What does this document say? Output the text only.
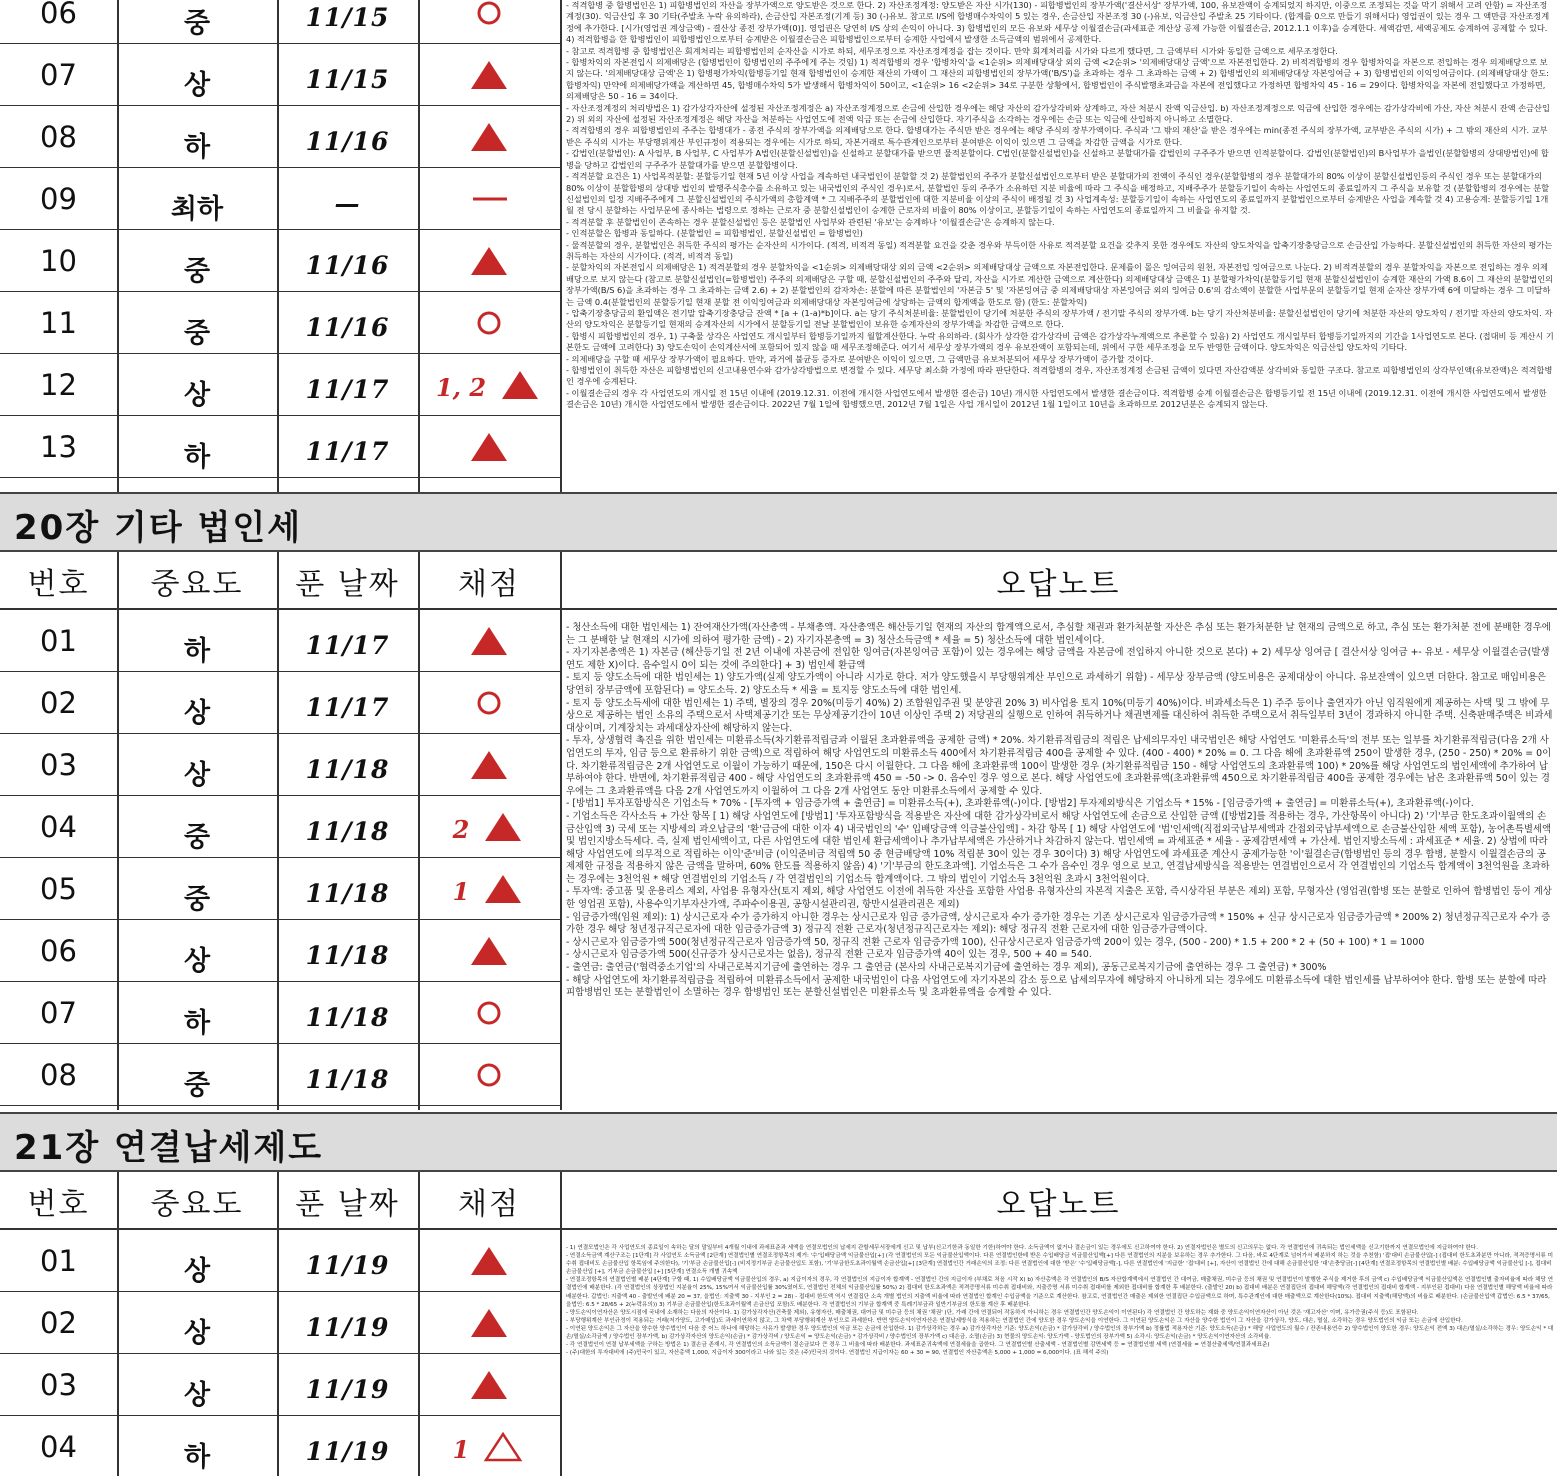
06	중	11/15
07	상	11/15
08	하	11/16
09	최하	—
10	중	11/16
11	중	11/16
12	상	11/17	1, 2
13	하	11/17

- 적격합병 중 합병법인은 1) 피합병법인의 자산을 장부가액으로 양도받은 것으로 한다. 2) 자산조정계정: 양도받은 자산 시가(130) - 피합병법인의 장부가액('결산서상' 장부가액, 100, 유보잔액이 승계되었지 하지만, 이중으로 조정되는 것을 막기 위해서 고려 안함) = 자산조정계정(30). 익금산입 후 30 기타(주발초 누락 유의하라), 손금산입 자본조정(기계 등) 30 (-)유보. 참고로 I/S에 합병매수차익이 5 있는 경우, 손금산입 자본조정 30 (-)유보, 익금산입 주발초 25 기타이다. (합계를 0으로 만들기 위해서다) 영업권이 있는 경우 그 액만큼 자산조정계정에 추가한다. [시가(영업권 계상금액) - 결산상 종전 장부가액(0)]. 영업권은 당연히 I/S 상의 손익이 아니다. 3) 합병법인의 모든 유보와 세무상 이월결손금(과세표준 계산상 공제 가능한 이월결손금, 2012.1.1 이후)을 승계한다. 세액감면, 세액공제도 승계하여 공제할 수 있다. 4) 적격합병을 한 합병법인이 피합병법인으로부터 승계받은 이월결손금은 피합병법인으로부터 승계한 사업에서 발생한 소득금액의 범위에서 공제한다.

- 참고로 적격합병 중 합병법인은 회계처리는 피합병법인의 순자산을 시가로 하되, 세무조정으로 자산조정계정을 잡는 것이다. 만약 회계처리를 시가와 다르게 했다면, 그 금액부터 시가와 동일한 금액으로 세무조정한다.

- 합병차익의 자본전입시 의제배당은 (합병법인이 합병법인의 주주에게 주는 것임) 1) 적격합병의 경우 '합병차익'을 <1순위> 의제배당대상 외의 금액 <2순위> '의제배당대상 금액'으로 자본전입한다. 2) 비적격합병의 경우 합병차익을 자본으로 전입하는 경우 의제배당으로 보지 않는다. '의제배당대상 금액'은 1) 합병평가차익(합병등기일 현재 합병법인이 승계한 재산의 가액이 그 재산의 피합병법인의 장부가액('B/S')을 초과하는 경우 그 초과하는 금액 + 2) 합병법인의 의제배당대상 자본잉여금 + 3) 합병법인의 이익잉여금이다. (의제배당대상 한도: 합병차익) 만약에 의제배당가액을 계산하면 45, 합병매수차익 5가 발생해서 합병차익이 50이고, <1순위> 16 <2순위> 34로 구분한 상황에서, 합병법인이 주식발행초과금을 자본에 전입했다고 가정하면 합병차익 45 - 16 = 29이다. 합병차익을 자본에 전입했다고 가정하면, 의제배당은 50 - 16 = 34이다.

- 자산조정계정의 처리방법은 1) 감가상각자산에 설정된 자산조정계정은 a) 자산조정계정으로 손금에 산입한 경우에는 해당 자산의 감가상각비와 상계하고, 자산 처분시 잔액 익금산입. b) 자산조정계정으로 익금에 산입한 경우에는 감가상각비에 가산, 자산 처분시 잔액 손금산입 2) 위 외의 자산에 설정된 자산조정계정은 해당 자산을 처분하는 사업연도에 전액 익금 또는 손금에 산입한다. 자기주식을 소각하는 경우에는 손금 또는 익금에 산입하지 아니하고 소멸한다.

- 적격합병의 경우 피합병법인의 주주는 합병대가 - 종전 주식의 장부가액을 의제배당으로 한다. 합병대가는 주식만 받은 경우에는 해당 주식의 장부가액이다. 주식과 '그 밖의 재산'을 받은 경우에는 min(종전 주식의 장부가액, 교부받은 주식의 시가) + 그 밖의 재산의 시가. 교부받은 주식의 시가는 부당행위계산 부인규정이 적용되는 경우에는 시가로 하되, 자본거래로 특수관계인으로부터 분여받은 이익이 있으면 그 금액을 차감한 금액을 시가로 한다.

- 갑법인(분할법인): A 사업부, B 사업부, C 사업부가 A법인(분할신설법인)을 신설하고 분할대가를 받으면 물적분할이다. C법인(분할신설법인)을 신설하고 분할대가를 갑법인의 구주주가 받으면 인적분할이다. 갑법인(분할법인)의 B사업부가 을법인(분할합병의 상대방법인)에 합병을 당하고 갑법인의 구주주가 분할대가를 받으면 분할합병이다.

- 적격분할 요건은 1) 사업목적분할: 분할등기일 현재 5년 이상 사업을 계속하던 내국법인이 분할할 것 2) 분할법인의 주주가 분할신설법인으로부터 받은 분할대가의 전액이 주식인 경우(분할합병의 경우 분할대가의 80% 이상이 분할신설법인등의 주식인 경우 또는 분할대가의 80% 이상이 분할합병의 상대방 법인의 발행주식총수를 소유하고 있는 내국법인의 주식인 경우)로서, 분할법인 등의 주주가 소유하던 지분 비율에 따라 그 주식을 배정하고, 지배주주가 분할등기일이 속하는 사업연도의 종료일까지 그 주식을 보유할 것 (분할합병의 경우에는 분할신설법인의 일정 지배주주에게 그 분할신설법인의 주식가액의 총합계액 * 그 지배주주의 분할법인에 대한 지분비율 이상의 주식이 배정될 것 3) 사업계속성: 분할등기일이 속하는 사업연도의 종료일까지 분할법인으로부터 승계받은 사업을 계속할 것 4) 고용승계: 분할등기일 1개월 전 당시 분할하는 사업부문에 종사하는 법령으로 정하는 근로자 중 분할신설법인이 승계한 근로자의 비율이 80% 이상이고, 분할등기일이 속하는 사업연도의 종료일까지 그 비율을 유지할 것.

- 적격분할 후 분할법인이 존속하는 경우 분할신설법인 등은 분할법인 사업부와 관련된 '유보'는 승계하나 '이월결손금'은 승계하지 않는다.

- 인적분할은 합병과 동일하다. (분할법인 = 피합병법인, 분할신설법인 = 합병법인)

- 물적분할의 경우, 분할법인은 취득한 주식의 평가는 순자산의 시가이다. (적격, 비적격 동일) 적격분할 요건을 갖춘 경우와 부득이한 사유로 적격분할 요건을 갖추지 못한 경우에도 자산의 양도차익을 압축기장충당금으로 손금산입 가능하다. 분할신설법인의 취득한 자산의 평가는 취득하는 자산의 시가이다. (적격, 비적격 동일)

- 분할차익의 자본전입시 의제배당은 1) 적격분할의 경우 분할차익을 <1순위> 의제배당대상 외의 금액 <2순위> 의제배당대상 금액으로 자본전입한다. 문제를이 몰은 잉여금의 원천, 자본전입 잉여금으로 나눈다. 2) 비적격분할의 경우 분할차익을 자본으로 전입하는 경우 의제배당으로 보지 않는다 (참고로 분할신설법인(=합병법인) 주주의 의제배당은 구할 때, 분할신설법인의 주주와 달리, 자산을 시가로 계산한 금액으로 계산한다) 의제배당대상 금액은 1) 분할평가차익(분할등기일 현재 분할신설법인이 승계한 재산의 가액 8.6이 그 재산의 분할법인의 장부가액(B/S 6)을 초과하는 경우 그 초과하는 금액 2.6) + 2) 분할법인의 감자차손: 분할에 따른 분할법인의 '자본금 5' 및 '자본잉여금 중 의제배당대상 자본잉여금 외의 잉여금 0.6'의 감소액이 분할한 사업부문의 분할등기일 현재 순자산 장부가액 6에 미달하는 경우 그 미달하는 금액 0.4(분할법인의 분할등기일 현재 분할 전 이익잉여금과 의제배당대상 자본잉여금에 상당하는 금액의 합계액을 한도로 함) (한도: 분할차익)

- 압축기장충당금의 환입액은 전기말 압축기장충당금 잔액 * [a + (1-a)*b]이다. a는 당기 주식처분비율: 분할법인이 당기에 처분한 주식의 장부가액 / 전기말 주식의 장부가액. b는 당기 자산처분비율: 분할신설법인이 당기에 처분한 자산의 양도차익 / 전기말 자산의 양도차익. 자산의 양도차익은 분할등기일 현재의 승계자산의 시가에서 분할등기일 전날 분할법인이 보유한 승계자산의 장부가액을 차감한 금액으로 한다.

- 합병시 피합병법인의 경우, 1) 구축물 상각은 사업연도 개시일부터 합병등기일까지 월할계산한다. 누락 유의하라. (회사가 상각한 감가상각비 금액은 감가상각누계액으로 추론할 수 있음) 2) 사업연도 개시일부터 합병등기일까지의 기간을 1사업연도로 본다. (접대비 등 계산시 기본한도 금액에 고려한다) 3) 양도손익이 손익계산서에 포함되어 있지 않을 때 세무조정해준다. 여기서 세무상 장부가액의 경우 유보잔액이 포함되는데, 위에서 구한 세무조정을 모두 반영한 금액이다. 양도차익은 익금산입 양도차익 기타다.

- 의제배당을 구할 때 세무상 장부가액이 필요하다. 만약, 과거에 불균등 증자로 분여받은 이익이 있으면, 그 금액만큼 유보처분되어 세무상 장부가액이 증가할 것이다.

- 합병법인이 취득한 자산은 피합병법인의 신고내용연수와 감가상각방법으로 변경할 수 있다. 세무당 최소화 가정에 따라 판단한다. 적격합병의 경우, 자산조정계정 손금된 금액이 있다면 자산감액분 상각비와 동일한 구조다. 참고로 피합병법인의 상각부인액(유보잔액)은 적격합병인 경우에 승계된다.

- 이월결손금의 경우 각 사업연도의 개시일 전 15년 이내에 (2019.12.31. 이전에 개시한 사업연도에서 발생한 결손금) 10년) 개시한 사업연도에서 발생한 결손금이다. 적격합병 승계 이월결손금은 합병등기일 전 15년 이내에 (2019.12.31. 이전에 개시한 사업연도에서 발생한 결손금은 10년) 개시한 사업연도에서 발생한 결손금이다. 2022년 7월 1일에 합병했으면, 2012년 7월 1일은 사업 개시일이 2012년 1월 1일이고 10년을 초과하므로 2012년분은 승계되지 않는다.

20장 기타 법인세
번호	중요도	푼 날짜	채점	오답노트
01	하	11/17
02	상	11/17
03	상	11/18
04	중	11/18	2
05	중	11/18	1
06	상	11/18
07	하	11/18
08	중	11/18

- 청산소득에 대한 법인세는 1) 잔여재산가액(자산총액 - 부채총액. 자산총액은 해산등기일 현재의 자산의 합계액으로서, 추심할 채권과 환가처분할 자산은 추심 또는 환가처분한 날 현재의 금액으로 하고, 추심 또는 환가처분 전에 분배한 경우에는 그 분배한 날 현재의 시가에 의하여 평가한 금액) - 2) 자기자본총액 = 3) 청산소득금액 * 세율 = 5) 청산소득에 대한 법인세이다.

- 자기자본총액은 1) 자본금 (해산등기일 전 2년 이내에 자본금에 전입한 잉여금(자본잉여금 포함)이 있는 경우에는 해당 금액을 자본금에 전입하지 아니한 것으로 본다) + 2) 세무상 잉여금 [ 결산서상 잉여금 +- 유보 - 세무상 이월결손금(발생연도 제한 X)이다. 음수일시 0이 되는 것에 주의한다] + 3) 법인세 환급액

- 토지 등 양도소득에 대한 법인세는 1) 양도가액(실제 양도가액이 아니라 시가로 한다. 저가 양도했을시 부당행위계산 부인으로 과세하기 위함) - 세무상 장부금액 (양도비용은 공제대상이 아니다. 유보잔액이 있으면 더한다. 참고로 매입비용은 당연히 장부금액에 포함된다) = 양도소득. 2) 양도소득 * 세율 = 토지등 양도소득에 대한 법인세.

- 토지 등 양도소득세에 대한 법인세는 1) 주택, 별장의 경우 20%(미등기 40%) 2) 조합원입주권 및 분양권 20% 3) 비사업용 토지 10%(미등기 40%)이다. 비과세소득은 1) 주주 등이나 출연자가 아닌 임직원에게 제공하는 사택 및 그 밖에 무상으로 제공하는 법인 소유의 주택으로서 사택제공기간 또는 무상제공기간이 10년 이상인 주택 2) 저당권의 실행으로 인하여 취득하거나 채권변제를 대신하여 취득한 주택으로서 취득일부터 3년이 경과하지 아니한 주택. 신축판매주택은 비과세대상이며, 기계장치는 과세대상자산에 해당하지 않는다.

- 투자, 상생협력 촉진을 위한 법인세는 미환류소득(차기환류적립금과 이월된 초과환류액을 공제한 금액) * 20%. 차기환류적립금의 적립은 납세의무자인 내국법인은 해당 사업연도 '미환류소득'의 전부 또는 일부를 차기환류적립금(다음 2개 사업연도의 투자, 임금 등으로 환류하기 위한 금액)으로 적립하여 해당 사업연도의 미환류소득 400에서 차기환류적립금 400을 공제할 수 있다. (400 - 400) * 20% = 0. 그 다음 해에 초과환류액 250이 발생한 경우, (250 - 250) * 20% = 0이다. 차기환류적립금은 2개 사업연도로 이월이 가능하기 때문에, 150은 다시 이월한다. 그 다음 해에 초과환류액 100이 발생한 경우 (차기환류적립금 150 - 해당 사업연도의 초과환류액 100) * 20%를 해당 사업연도의 법인세액에 추가하여 납부하여야 한다. 반면에, 차기환류적립금 400 - 해당 사업연도의 초과환류액 450 = -50 -> 0. 음수인 경우 영으로 본다. 해당 사업연도에 초과환류액(초과환류액 450으로 차기환류적립금 400을 공제한 경우에는 남은 초과환류액 50이 있는 경우에는 그 초과환류액을 다음 2개 사업연도까지 이월하여 그 다음 2개 사업연도 동안 미환류소득에서 공제할 수 있다.

- [방법1] 투자포함방식은 기업소득 * 70% - [투자액 + 임금증가액 + 출연금] = 미환류소득(+), 초과환류액(-)이다. [방법2] 투자제외방식은 기업소득 * 15% - [임금증가액 + 출연금] = 미환류소득(+), 초과환류액(-)이다.

- 기업소득은 각사소득 + 가산 항목 [ 1) 해당 사업연도에 [방법1] '투자포함방식을 적용받은 자산에 대한 감가상각비로서 해당 사업연도에 손금으로 산입한 금액 ([방법2]를 적용하는 경우, 가산항목이 아니다) 2) '기'부금 한도초과이월액의 손금산입액 3) 국세 또는 지방세의 과오납금의 '환'급금에 대한 이자 4) 내국법인의 '수' 입배당금액 익금불산입액] - 차감 항목 [ 1) 해당 사업연도에 '법'인세액(직접외국납부세액과 간접외국납부세액으로 손금불산입한 세액 포함), 농어촌특별세액 및 법인지방소득세다. 즉, 실제 법인세액이고, 다른 사업연도에 대한 법인세 환급세액이나 추가납부세액은 가산하거나 차감하지 않는다. 법인세액 = 과세표준 * 세율 - 공제감면세액 + 가산세. 법인지방소득세 : 과세표준 * 세율. 2) 상법에 따라 해당 사업연도에 의무적으로 적립하는 이익'준'비금 (이익준비금 적립액 50 중 현금배당액 10% 적립분 30이 있는 경우 30이다) 3) 해당 사업연도에 과세표준 계산시 공제가능한 '이'월결손금(합병법인 등의 경우 합병, 분할시 이월결손금의 공제제한 규정을 적용하지 않은 금액을 말하며, 60% 한도를 적용하지 않음) 4) '기'부금의 한도초과액]. 기업소득은 그 수가 음수인 경우 영으로 보고, 연결납세방식을 적용받는 연결법인으로서 각 연결법인의 기업소득 합계액이 3천억원을 초과하는 경우에는 3천억원 * 해당 연결법인의 기업소득 / 각 연결법인의 기업소득 합계액이다. 그 밖의 법인이 기업소득 3천억원 초과시 3천억원이다.

- 투자액: 중고품 및 운용리스 제외, 사업용 유형자산(토지 제외, 해당 사업연도 이전에 취득한 자산을 포함한 사업용 유형자산의 자본적 지출은 포함, 즉시상각된 부분은 제외) 포함, 무형자산 (영업권(합병 또는 분할로 인하여 합병법인 등이 계상한 영업권 포함), 사용수익기부자산가액, 주파수이용권, 공항시설관리권, 항만시설관리권은 제외)

- 임금증가액(임원 제외): 1) 상시근로자 수가 증가하지 아니한 경우는 상시근로자 임금 증가금액, 상시근로자 수가 증가한 경우는 기존 상시근로자 임금증가금액 * 150% + 신규 상시근로자 임금증가금액 * 200% 2) 청년정규직근로자 수가 증가한 경우 해당 청년정규직근로자에 대한 임금증가금액 3) 정규직 전환 근로자(청년정규직근로자는 제외): 해당 정규직 전환 근로자에 대한 임금증가금액이다.

- 상시근로자 임금증가액 500(청년정규직근로자 임금증가액 50, 정규직 전환 근로자 임금증가액 100), 신규상시근로자 임금증가액 200이 있는 경우, (500 - 200) * 1.5 + 200 * 2 + (50 + 100) * 1 = 1000

- 상시근로자 임금증가액 500(신규증가 상시근로자는 없음), 정규직 전환 근로자 임금증가액 40이 있는 경우, 500 + 40 = 540.

- 출연금: 출연금('협력중소기업'의 사내근로복지기금에 출연하는 경우 그 출연금 (본사의 사내근로복지기금에 출연하는 경우 제외), 공동근로복지기금에 출연하는 경우 그 출연금) * 300%

- 해당 사업연도에 차기환류적립금을 적립하여 미환류소득에서 공제한 내국법인이 다음 사업연도에 자기자본의 감소 등으로 납세의무자에 해당하지 아니하게 되는 경우에도 미환류소득에 대한 법인세를 납부하여야 한다. 합병 또는 분할에 따라 피합병법인 또는 분할법인이 소멸하는 경우 합병법인 또는 분할신설법인은 미환류소득 및 초과환류액을 승계할 수 있다.

21장 연결납세제도
번호	중요도	푼 날짜	채점	오답노트
01	상	11/19
02	상	11/19
03	상	11/19
04	하	11/19	1

- 1) 연결모법인은 각 사업연도의 종료일이 속하는 달의 말일부터 4개월 이내에 과세표준과 세액을 연결모법인의 납세지 관할세무서장에게 신고 및 납부(신고기한과 동일한 기한)하여야 한다. 소득금액이 없거나 결손금이 있는 경우에도 신고하여야 한다. 2) 연결자법인은 별도의 신고의무는 없다. 각 연결법인에 귀속되는 법인세액을 신고기한까지 연결모법인에 지급하여야 한다.

- 연결소득금액 계산구조는 [1단계] 각 사업연도 소득금액 [2단계] 연결법인별 연결조정항목의 제거: '수'입배당금액 익금불산입[+] (각 연결법인의 모든 익금불산입액이다. 다른 연결법인한테 받은 수입배당금 익금불산입액[+] 다른 연결법인의 지분을 보유하는 경우 추가한다. 그 다음, 바로 4단계로 넘어가서 배분하지 하는 것을 추천함) '접'대비 손금불산입[-] (접대비 한도초과분만 아니라, 적격증명서류 미수취 접대비도 손금불산입 항목임에 주의한다), '기'부금 손금불산입[-] (비지정기부금 손금불산입도 포함), '기'부금한도초과이월액 손금산입[+] [3단계] 연결법인간 거래손익의 조정: 다른 연결법인에 대한 '받은' '수'입배당금액[-], 다른 연결법인에 '지급한' '접'대비 [+], 자산이 연결법인 간에 대해 손금불산입한 '대'손충당금[-] [4단계] 연결조정항목의 연결법인별 배분: 수입배당금액 익금불산입 [-], 접대비 손금불산입 [+], 기부금 손금불산입 [+] [5단계] 연결소득 개별 귀속액

- 연결조정항목의 연결법인별 배분 [4단계] 구할 때, 1) 수입배당금액 익금불산입의 경우, a) 지급이자의 경우, 각 연결법인의 지급이자 합계액 - 연결법인 간의 지급이자 (부채로 처음 시작 X) b) 자산총액은 각 연결법인의 B/S 자산합계액에서 연결법인 간 대여금, 매출채권, 미수금 등의 채권 및 연결법인이 발행한 주식을 제거한 후의 금액 c) 수입배당금액 익금불산입액은 연결법인별 출자비율에 따라 해당 연결법인에 배분한다. (각 연결법인의 상장법인 지분율이 25%, 15%여서 익금불산입률 30%였어도, 연결법인 전체의 익금불산입률 50%) 2) 접대비 한도초과액은 적격증명서류 미수취 접대비와, 지출증명 서류 미수취 접대비를 제외한 접대비를 합계한 후 배분한다. (출발인 20) b) 접대비 배분은 연결집단의 접대비 해당액(각 연결법인의 접대비 합계액 - 지부인된 접대비) 다음 연결법인별 해당액 비율에 따라 배분한다. 갑법인: 지출액 40 - 출발인에 배분 20 = 37, 을법인: 지출액 30 - 지부인 2 = 28) - 접대비 한도액 역시 연결집단 소속 개별 법인의 지출액 비율에 따라 연결법인 합계인 수입금액을 기준으로 계산한다. 참고로, 연결법인간 매출은 제외한 연결집단 수입금액으로 하며, 특수관계인에 대한 매출액으로 계산한다(10%). 접대비 지출액(해당액)의 비율로 배분한다. (손금불산입액 갑법인: 6.5 * 37/65, 을법인: 6.5 * 28/65 + 2(누락유의)) 3) 기부금 손금불산입(한도초과이월액 손금산입 포함)도 배분한다. 각 연결법인의 기부금 합계액 중 특례기부금과 일반기부금의 한도를 계산 후 배분한다.

- 양도손익이연자산은 양도시점에 국내에 소재하는 다음의 자산이다. 1) 감가상각자산(건축물 제외), 유형자산, 매출채권, 대여금 및 미수금 등의 채권 '채권' (단, 가래 간에 연결되어 작동하지 아니하는 경우 연결법인간 양도손익이 이연된다) 각 연결법인 간 양도하는 재화 중 양도손익이연자산이 아닌 것은 '재고자산' 이며, 유가증권(주식 등)도 포함된다.

- 부당행위계산 부인규정이 적용되는 거래(저가양도, 고가매입)도 과세이연하지 않고, 그 차액 부당행위계산 부인으로 과세한다. 반면 양도손익이연자산은 연결납세방식을 적용하는 연결법인 간에 양도한 경우 양도손익을 이연한다. 그 이연된 양도손익은 그 자산을 양수한 법인이 그 자산을 감가상각, 양도, 대손, 멸실, 소각하는 경우 양도법인의 익금 또는 손금에 산입한다.

- 이연된 양도손익은 그 자산을 양수한 양수법인이 다음 중 어느 하나에 해당하는 사유가 발생한 경우 양도법인의 익금 또는 손금에 산입한다. 1) 감가상각하는 경우 a) 감가상각자산 기준: 양도손익(손금) * 감가상각비 / 양수법인의 장부가액 b) 정률법 적용자산 기준: 양도소득(손금) * 해당 사업연도의 월수 / 잔존내용연수 2) 양수법인이 양도한 경우: 양도손익 전액 3) 대손/멸실/소각하는 경우: 양도손익 * 대손/멸실/소각금액 / 양수법인 장부가액, b) 감가상각자산의 양도손익(손금) * 감가상각비 / 양도손익 = 양도손익(손금) * 감가상각비 / 양수법인의 장부가액 c) 대손금, 소멸(손금) 3) 현물의 양도손익: 양도가액 - 양도법인의 장부가액 5) 소각시: 양도손익(손금) * 양도손익이연자산의 소각비율.

- 각 연결법인이 연결 납부세액을 구하는 방법은 1) 결손금 존재시, 각 연결법인의 소득금액이 결손금보다 큰 경우 그 비율에 따라 배분한다. 과세표준귀속액에 연결세율을 곱한다. 그 연결법인별 산출세액 - 연결법인별 감면세액 등 = 연결법인별 세액 (연결세율 = 연결산출세액/연결과세표준)

- (주)대한의 투자대비에 (주)민국이 있고, 자산총액 1,000, 지급이자 300이라고 나와 있는 것은 (주)민국의 것이다. 연결법인 지급이자는 60 + 30 = 90, 연결법인 자산총액은 5,000 + 1,000 = 6,000이다. (표 해석 주의)
